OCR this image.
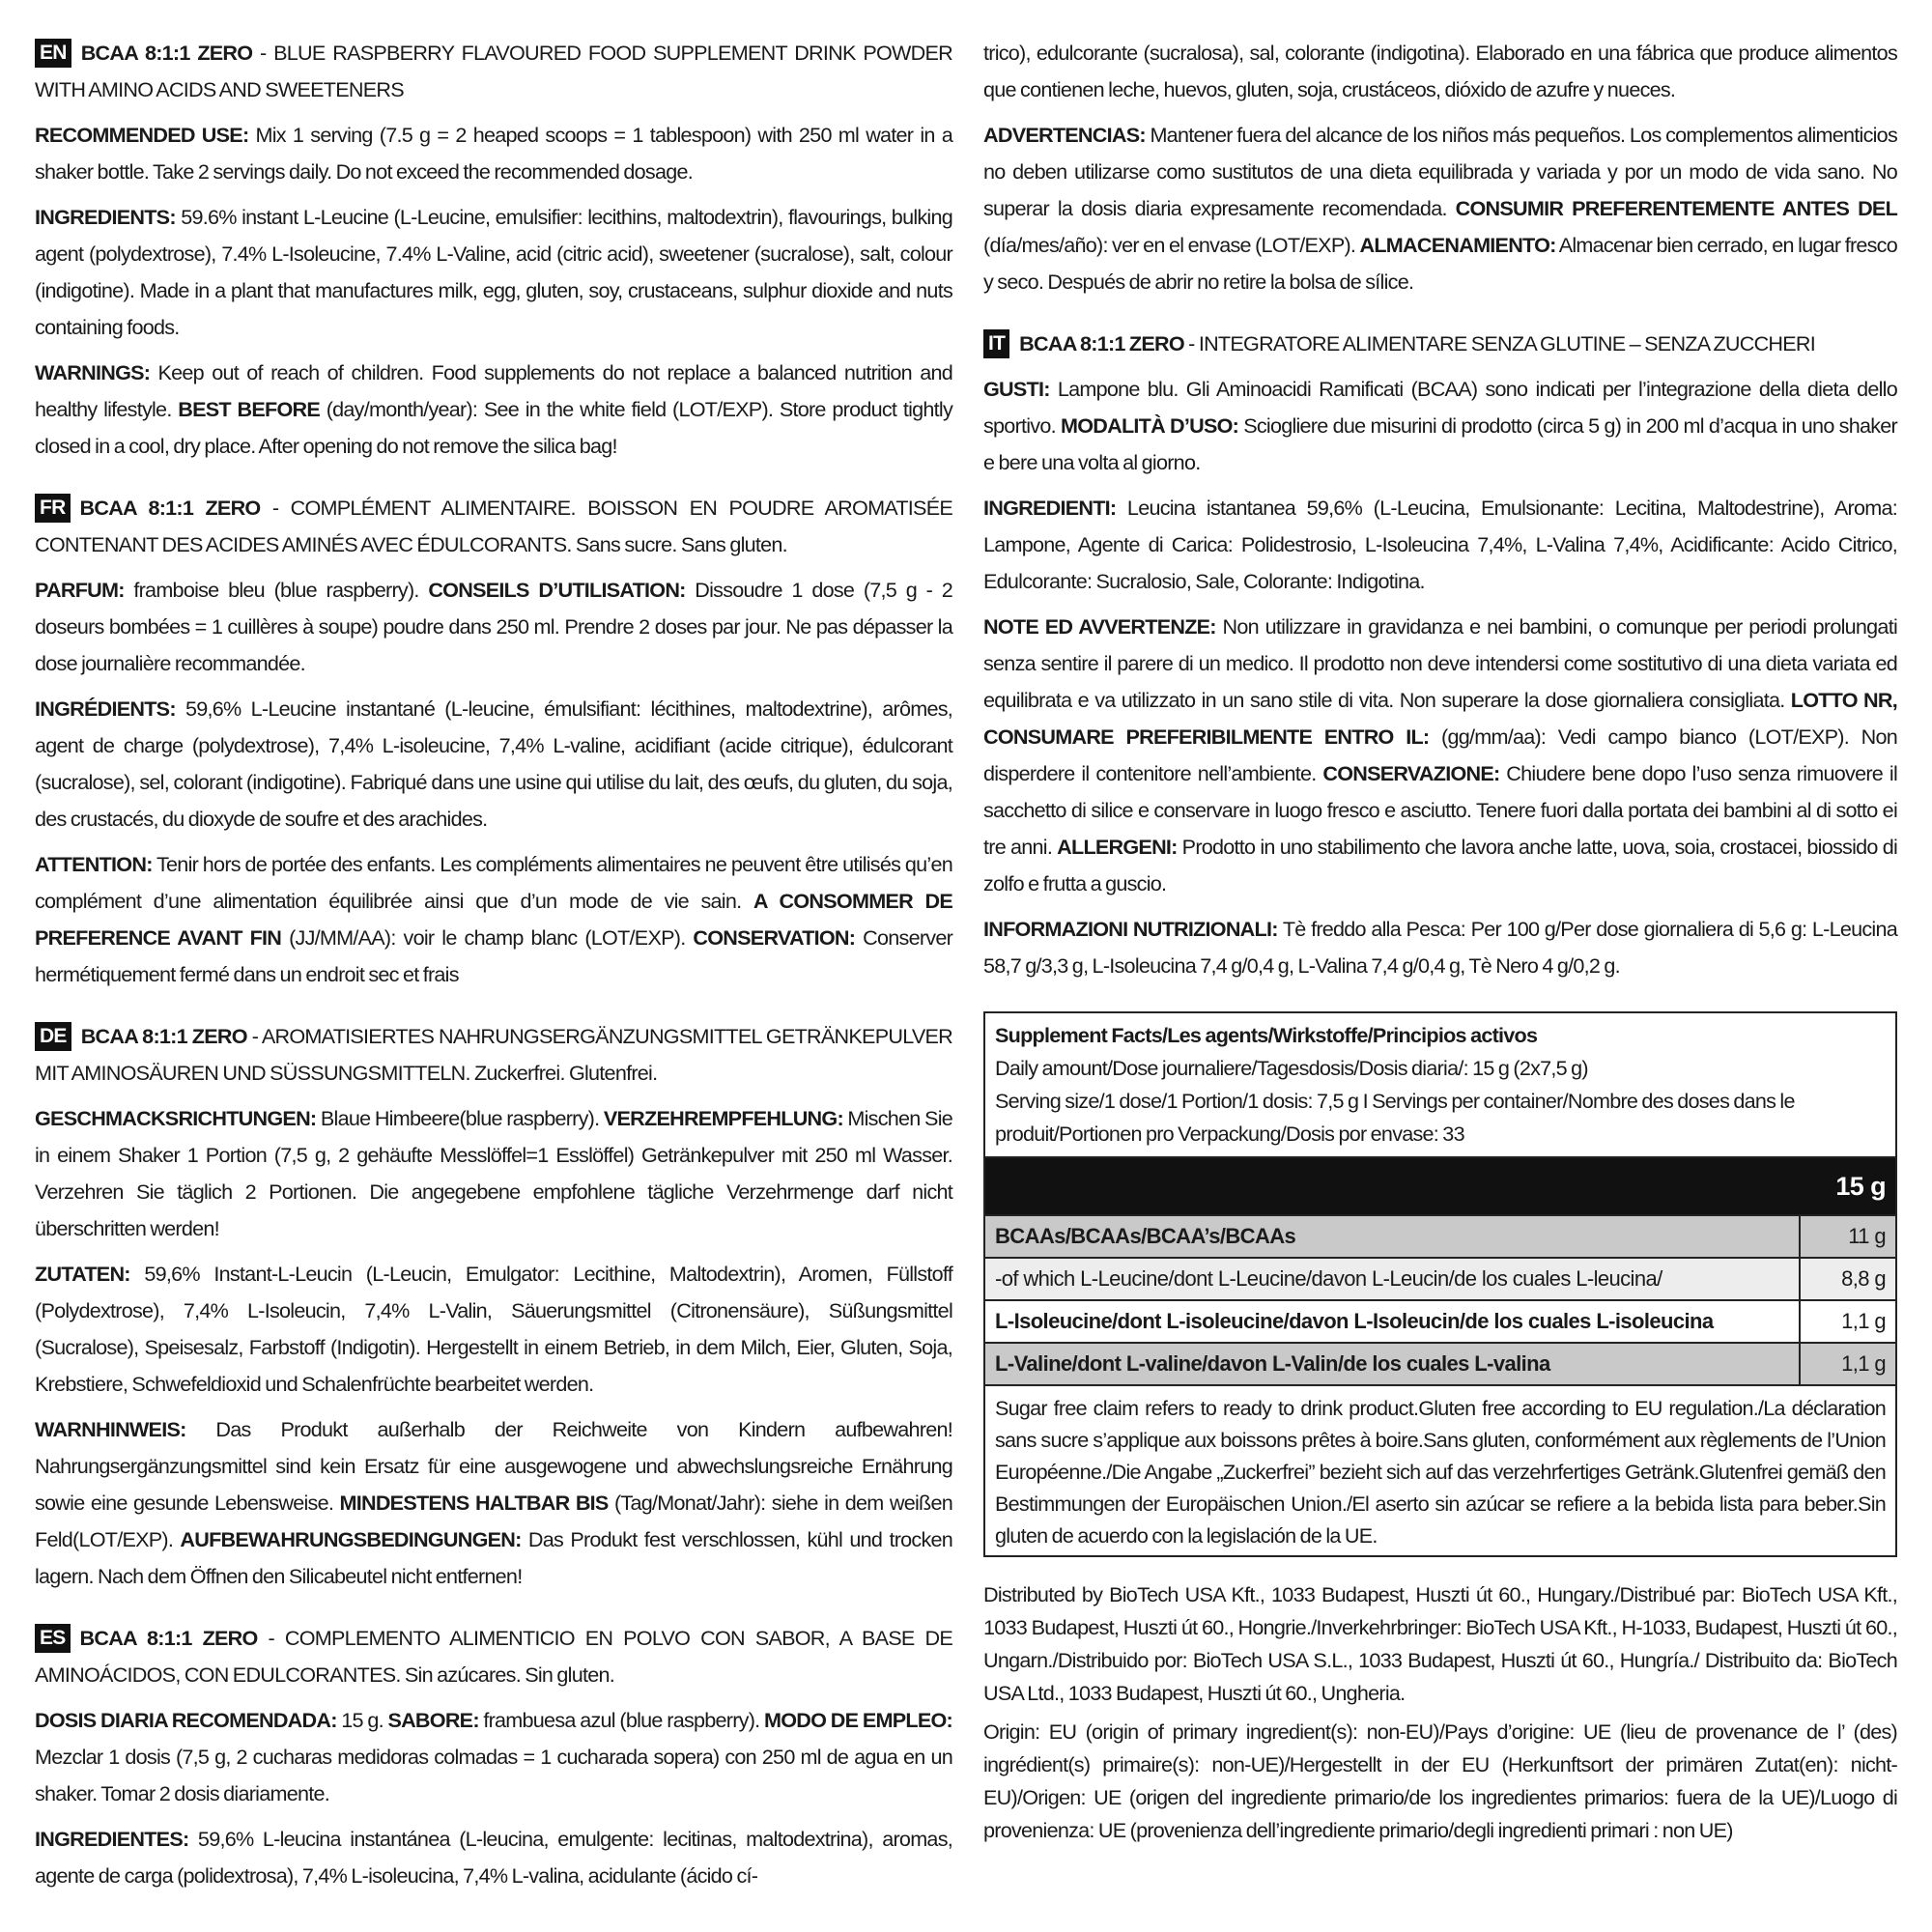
EN BCAA 8:1:1 ZERO - BLUE RASPBERRY FLAVOURED FOOD SUPPLEMENT DRINK POWDER WITH AMINO ACIDS AND SWEETENERS

RECOMMENDED USE: Mix 1 serving (7.5 g = 2 heaped scoops = 1 tablespoon) with 250 ml water in a shaker bottle. Take 2 servings daily. Do not exceed the recommended dosage.

INGREDIENTS: 59.6% instant L-Leucine (L-Leucine, emulsifier: lecithins, maltodextrin), flavourings, bulking agent (polydextrose), 7.4% L-Isoleucine, 7.4% L-Valine, acid (citric acid), sweetener (sucralose), salt, colour (indigotine). Made in a plant that manufactures milk, egg, gluten, soy, crustaceans, sulphur dioxide and nuts containing foods.

WARNINGS: Keep out of reach of children. Food supplements do not replace a balanced nutrition and healthy lifestyle. BEST BEFORE (day/month/year): See in the white field (LOT/EXP). Store product tightly closed in a cool, dry place. After opening do not remove the silica bag!

FR BCAA 8:1:1 ZERO - COMPLÉMENT ALIMENTAIRE. BOISSON EN POUDRE AROMATISÉE CONTENANT DES ACIDES AMINÉS AVEC ÉDULCORANTS. Sans sucre. Sans gluten.

PARFUM: framboise bleu (blue raspberry). CONSEILS D’UTILISATION: Dissoudre 1 dose (7,5 g - 2 doseurs bombées = 1 cuillères à soupe) poudre dans 250 ml. Prendre 2 doses par jour. Ne pas dépasser la dose journalière recommandée.

INGRÉDIENTS: 59,6% L-Leucine instantané (L-leucine, émulsifiant: lécithines, maltodextrine), arômes, agent de charge (polydextrose), 7,4% L-isoleucine, 7,4% L-valine, acidifiant (acide citrique), édulcorant (sucralose), sel, colorant (indigotine). Fabriqué dans une usine qui utilise du lait, des œufs, du gluten, du soja, des crustacés, du dioxyde de soufre et des arachides.

ATTENTION: Tenir hors de portée des enfants. Les compléments alimentaires ne peuvent être utilisés qu’en complément d’une alimentation équilibrée ainsi que d’un mode de vie sain. A CONSOMMER DE PREFERENCE AVANT FIN (JJ/MM/AA): voir le champ blanc (LOT/EXP). CONSERVATION: Conserver hermétiquement fermé dans un endroit sec et frais

DE BCAA 8:1:1 ZERO - AROMATISIERTES NAHRUNGSERGÄNZUNGSMITTEL GETRÄNKEPULVER MIT AMINOSÄUREN UND SÜSSUNGSMITTELN. Zuckerfrei. Glutenfrei.

GESCHMACKSRICHTUNGEN: Blaue Himbeere(blue raspberry). VERZEHREMPFEHLUNG: Mischen Sie in einem Shaker 1 Portion (7,5 g, 2 gehäufte Messlöffel=1 Esslöffel) Getränkepulver mit 250 ml Wasser. Verzehren Sie täglich 2 Portionen. Die angegebene empfohlene tägliche Verzehrmenge darf nicht überschritten werden!

ZUTATEN: 59,6% Instant-L-Leucin (L-Leucin, Emulgator: Lecithine, Maltodextrin), Aromen, Füllstoff (Polydextrose), 7,4% L-Isoleucin, 7,4% L-Valin, Säuerungsmittel (Citronensäure), Süßungsmittel (Sucralose), Speisesalz, Farbstoff (Indigotin). Hergestellt in einem Betrieb, in dem Milch, Eier, Gluten, Soja, Krebstiere, Schwefeldioxid und Schalenfrüchte bearbeitet werden.

WARNHINWEIS: Das Produkt außerhalb der Reichweite von Kindern aufbewahren! Nahrungsergänzungsmittel sind kein Ersatz für eine ausgewogene und abwechslungsreiche Ernährung sowie eine gesunde Lebensweise. MINDESTENS HALTBAR BIS (Tag/Monat/Jahr): siehe in dem weißen Feld(LOT/EXP). AUFBEWAHRUNGSBEDINGUNGEN: Das Produkt fest verschlossen, kühl und trocken lagern. Nach dem Öffnen den Silicabeutel nicht entfernen!

ES BCAA 8:1:1 ZERO - COMPLEMENTO ALIMENTICIO EN POLVO CON SABOR, A BASE DE AMINOÁCIDOS, CON EDULCORANTES. Sin azúcares. Sin gluten.

DOSIS DIARIA RECOMENDADA: 15 g. SABORE: frambuesa azul (blue raspberry). MODO DE EMPLEO: Mezclar 1 dosis (7,5 g, 2 cucharas medidoras colmadas = 1 cucharada sopera) con 250 ml de agua en un shaker. Tomar 2 dosis diariamente.

INGREDIENTES: 59,6% L-leucina instantánea (L-leucina, emulgente: lecitinas, maltodextrina), aromas, agente de carga (polidextrosa), 7,4% L-isoleucina, 7,4% L-valina, acidulante (ácido cí-

trico), edulcorante (sucralosa), sal, colorante (indigotina). Elaborado en una fábrica que produce alimentos que contienen leche, huevos, gluten, soja, crustáceos, dióxido de azufre y nueces.

ADVERTENCIAS: Mantener fuera del alcance de los niños más pequeños. Los complementos alimenticios no deben utilizarse como sustitutos de una dieta equilibrada y variada y por un modo de vida sano. No superar la dosis diaria expresamente recomendada. CONSUMIR PREFERENTEMENTE ANTES DEL (día/mes/año): ver en el envase (LOT/EXP). ALMACENAMIENTO: Almacenar bien cerrado, en lugar fresco y seco. Después de abrir no retire la bolsa de sílice.

IT BCAA 8:1:1 ZERO - INTEGRATORE ALIMENTARE SENZA GLUTINE – SENZA ZUCCHERI

GUSTI: Lampone blu. Gli Aminoacidi Ramificati (BCAA) sono indicati per l’integrazione della dieta dello sportivo. MODALITÀ D’USO: Sciogliere due misurini di prodotto (circa 5 g) in 200 ml d’acqua in uno shaker e bere una volta al giorno.

INGREDIENTI: Leucina istantanea 59,6% (L-Leucina, Emulsionante: Lecitina, Maltodestrine), Aroma: Lampone, Agente di Carica: Polidestrosio, L-Isoleucina 7,4%, L-Valina 7,4%, Acidificante: Acido Citrico, Edulcorante: Sucralosio, Sale, Colorante: Indigotina.

NOTE ED AVVERTENZE: Non utilizzare in gravidanza e nei bambini, o comunque per periodi prolungati senza sentire il parere di un medico. Il prodotto non deve intendersi come sostitutivo di una dieta variata ed equilibrata e va utilizzato in un sano stile di vita. Non superare la dose giornaliera consigliata. LOTTO NR, CONSUMARE PREFERIBILMENTE ENTRO IL: (gg/mm/aa): Vedi campo bianco (LOT/EXP). Non disperdere il contenitore nell’ambiente. CONSERVAZIONE: Chiudere bene dopo l’uso senza rimuovere il sacchetto di silice e conservare in luogo fresco e asciutto. Tenere fuori dalla portata dei bambini al di sotto ei tre anni. ALLERGENI: Prodotto in uno stabilimento che lavora anche latte, uova, soia, crostacei, biossido di zolfo e frutta a guscio.

INFORMAZIONI NUTRIZIONALI: Tè freddo alla Pesca: Per 100 g/Per dose giornaliera di 5,6 g: L-Leucina 58,7 g/3,3 g, L-Isoleucina 7,4 g/0,4 g, L-Valina 7,4 g/0,4 g, Tè Nero 4 g/0,2 g.

Supplement Facts/Les agents/Wirkstoffe/Principios activos

Daily amount/Dose journaliere/Tagesdosis/Dosis diaria/: 15 g (2x7,5 g)

Serving size/1 dose/1 Portion/1 dosis: 7,5 g I Servings per container/Nombre des doses dans le produit/Portionen pro Verpackung/Dosis por envase: 33

	15 g
BCAAs/BCAAs/BCAA’s/BCAAs	11 g
-of which L-Leucine/dont L-Leucine/davon L-Leucin/de los cuales L-leucina/	8,8 g
L-Isoleucine/dont L-isoleucine/davon L-Isoleucin/de los cuales L-isoleucina	1,1 g
L-Valine/dont L-valine/davon L-Valin/de los cuales L-valina	1,1 g

Sugar free claim refers to ready to drink product.Gluten free according to EU regulation./La déclaration sans sucre s’applique aux boissons prêtes à boire.Sans gluten, conformément aux règlements de l’Union Européenne./Die Angabe „Zuckerfrei” bezieht sich auf das verzehrfertiges Getränk.Glutenfrei gemäß den Bestimmungen der Europäischen Union./El aserto sin azúcar se refiere a la bebida lista para beber.Sin gluten de acuerdo con la legislación de la UE.

Distributed by BioTech USA Kft., 1033 Budapest, Huszti út 60., Hungary./Distribué par: BioTech USA Kft., 1033 Budapest, Huszti út 60., Hongrie./Inverkehrbringer: BioTech USA Kft., H-1033, Budapest, Huszti út 60., Ungarn./Distribuido por: BioTech USA S.L., 1033 Budapest, Huszti út 60., Hungría./ Distribuito da: BioTech USA Ltd., 1033 Budapest, Huszti út 60., Ungheria.

Origin: EU (origin of primary ingredient(s): non-EU)/Pays d’origine: UE (lieu de provenance de l’ (des) ingrédient(s) primaire(s): non-UE)/Hergestellt in der EU (Herkunftsort der primären Zutat(en): nicht-EU)/Origen: UE (origen del ingrediente primario/de los ingredientes primarios: fuera de la UE)/Luogo di provenienza: UE (provenienza dell’ingrediente primario/degli ingredienti primari : non UE)
